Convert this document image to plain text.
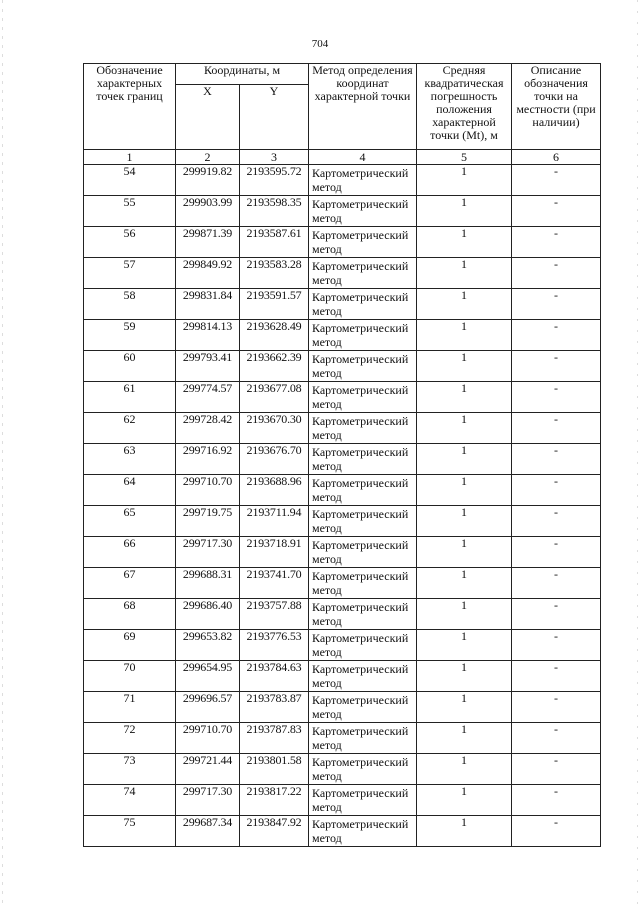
704
Обозначение характерных точек границ	Координаты, м		Метод определения координат характерной точки	Средняя квадратическая погрешность положения характерной точки (Mt), м	Описание обозначения точки на местности (при наличии)
	X	Y			
1	2	3	4	5	6
54	299919.82	2193595.72	Картометрический метод	1	-
55	299903.99	2193598.35	Картометрический метод	1	-
56	299871.39	2193587.61	Картометрический метод	1	-
57	299849.92	2193583.28	Картометрический метод	1	-
58	299831.84	2193591.57	Картометрический метод	1	-
59	299814.13	2193628.49	Картометрический метод	1	-
60	299793.41	2193662.39	Картометрический метод	1	-
61	299774.57	2193677.08	Картометрический метод	1	-
62	299728.42	2193670.30	Картометрический метод	1	-
63	299716.92	2193676.70	Картометрический метод	1	-
64	299710.70	2193688.96	Картометрический метод	1	-
65	299719.75	2193711.94	Картометрический метод	1	-
66	299717.30	2193718.91	Картометрический метод	1	-
67	299688.31	2193741.70	Картометрический метод	1	-
68	299686.40	2193757.88	Картометрический метод	1	-
69	299653.82	2193776.53	Картометрический метод	1	-
70	299654.95	2193784.63	Картометрический метод	1	-
71	299696.57	2193783.87	Картометрический метод	1	-
72	299710.70	2193787.83	Картометрический метод	1	-
73	299721.44	2193801.58	Картометрический метод	1	-
74	299717.30	2193817.22	Картометрический метод	1	-
75	299687.34	2193847.92	Картометрический метод	1	-
